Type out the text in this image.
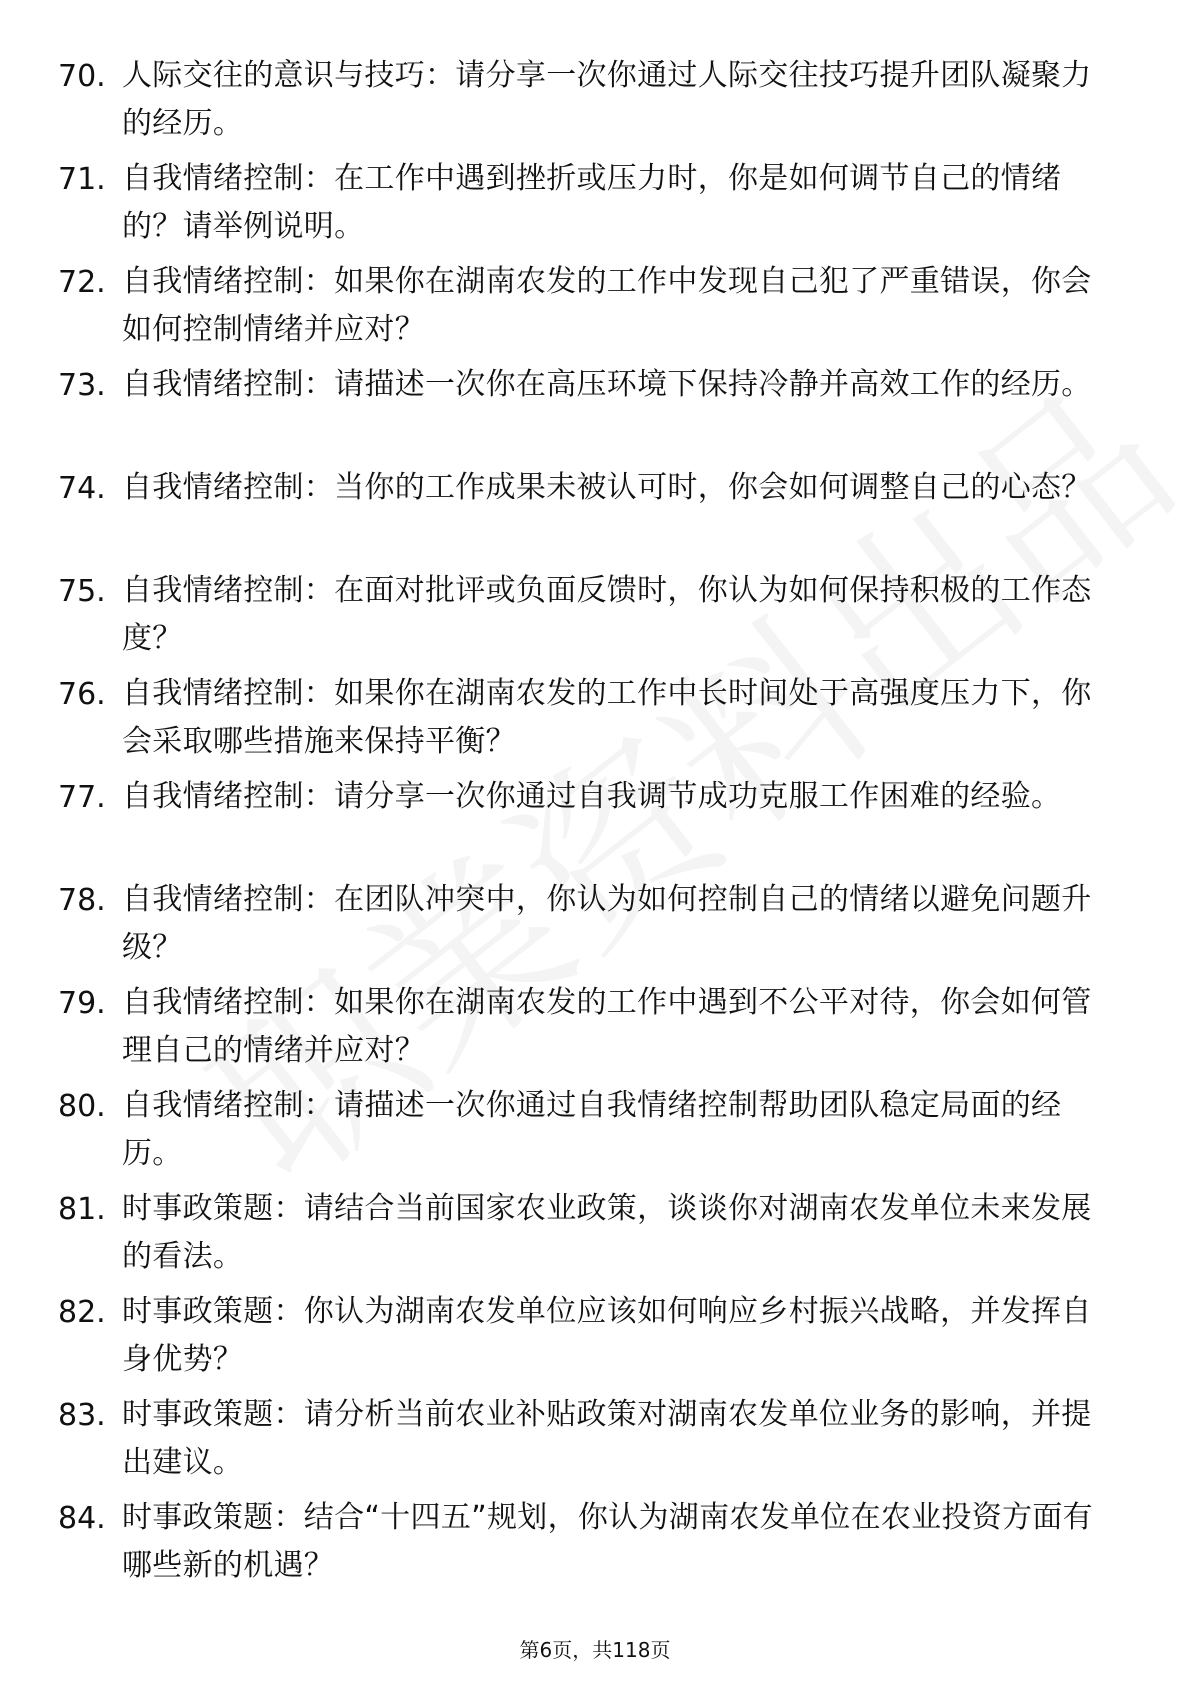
70. 人际交往的意识与技巧：请分享一次你通过人际交往技巧提升团队凝聚力的经历。
71. 自我情绪控制：在工作中遇到挫折或压力时，你是如何调节自己的情绪的？请举例说明。
72. 自我情绪控制：如果你在湖南农发的工作中发现自己犯了严重错误，你会如何控制情绪并应对？
73. 自我情绪控制：请描述一次你在高压环境下保持冷静并高效工作的经历。
74. 自我情绪控制：当你的工作成果未被认可时，你会如何调整自己的心态？
75. 自我情绪控制：在面对批评或负面反馈时，你认为如何保持积极的工作态度？
76. 自我情绪控制：如果你在湖南农发的工作中长时间处于高强度压力下，你会采取哪些措施来保持平衡？
77. 自我情绪控制：请分享一次你通过自我调节成功克服工作困难的经验。
78. 自我情绪控制：在团队冲突中，你认为如何控制自己的情绪以避免问题升级？
79. 自我情绪控制：如果你在湖南农发的工作中遇到不公平对待，你会如何管理自己的情绪并应对？
80. 自我情绪控制：请描述一次你通过自我情绪控制帮助团队稳定局面的经历。
81. 时事政策题：请结合当前国家农业政策，谈谈你对湖南农发单位未来发展的看法。
82. 时事政策题：你认为湖南农发单位应该如何响应乡村振兴战略，并发挥自身优势？
83. 时事政策题：请分析当前农业补贴政策对湖南农发单位业务的影响，并提出建议。
84. 时事政策题：结合“十四五”规划，你认为湖南农发单位在农业投资方面有哪些新的机遇？
第6页，共118页
